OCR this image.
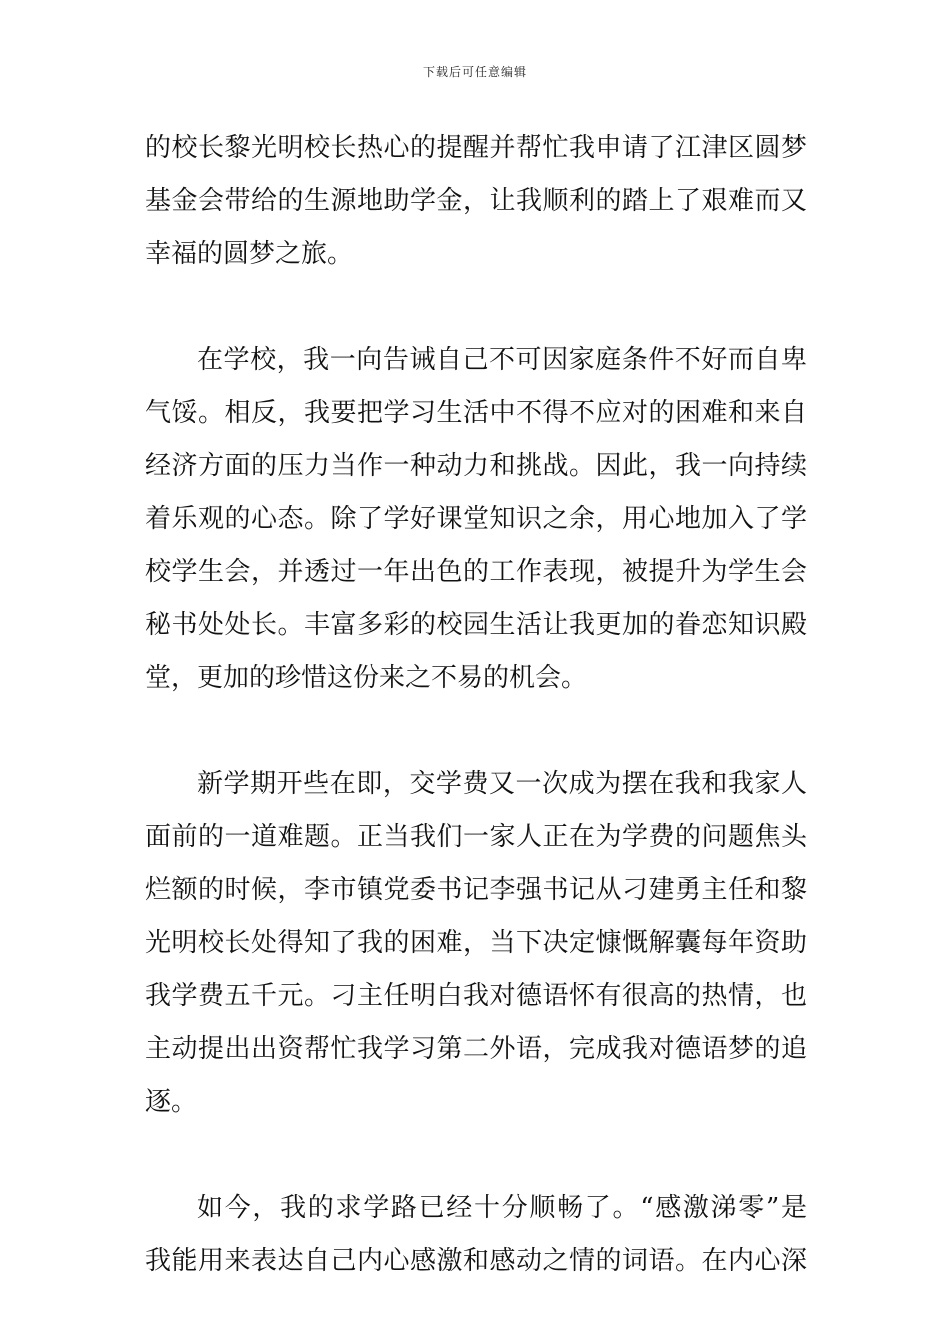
下载后可任意编辑
的校长黎光明校长热心的提醒并帮忙我申请了江津区圆梦
基金会带给的生源地助学金，让我顺利的踏上了艰难而又
幸福的圆梦之旅。
在学校，我一向告诫自己不可因家庭条件不好而自卑
气馁。相反，我要把学习生活中不得不应对的困难和来自
经济方面的压力当作一种动力和挑战。因此，我一向持续
着乐观的心态。除了学好课堂知识之余，用心地加入了学
校学生会，并透过一年出色的工作表现，被提升为学生会
秘书处处长。丰富多彩的校园生活让我更加的眷恋知识殿
堂，更加的珍惜这份来之不易的机会。
新学期开些在即，交学费又一次成为摆在我和我家人
面前的一道难题。正当我们一家人正在为学费的问题焦头
烂额的时候，李市镇党委书记李强书记从刁建勇主任和黎
光明校长处得知了我的困难，当下决定慷慨解囊每年资助
我学费五千元。刁主任明白我对德语怀有很高的热情，也
主动提出出资帮忙我学习第二外语，完成我对德语梦的追
逐。
如今，我的求学路已经十分顺畅了。“感激涕零”是
我能用来表达自己内心感激和感动之情的词语。在内心深
